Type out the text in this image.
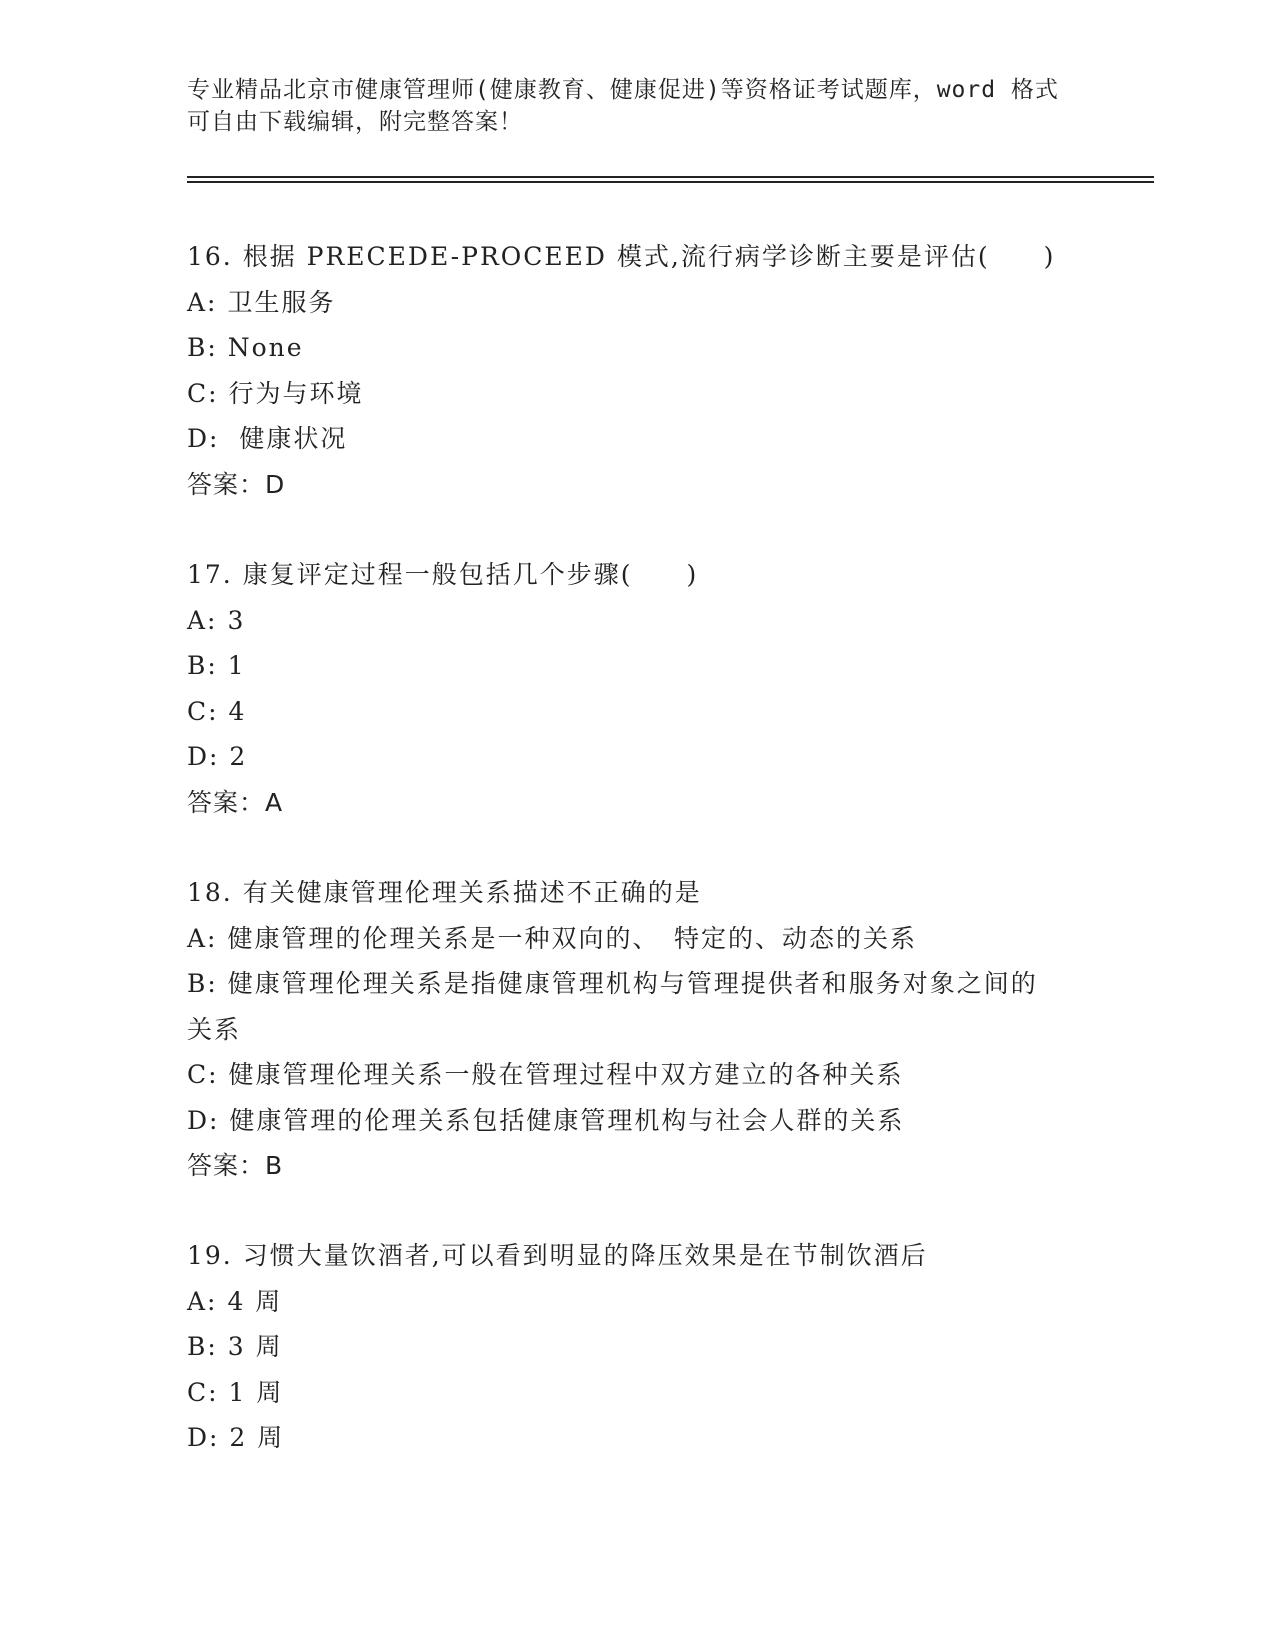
专业精品北京市健康管理师(健康教育、健康促进)等资格证考试题库，word 格式可自由下载编辑，附完整答案！
16. 根据 PRECEDE-PROCEED 模式,流行病学诊断主要是评估(　　)
A: 卫生服务
B: None
C: 行为与环境
D:  健康状况
答案：D
17. 康复评定过程一般包括几个步骤(　　)
A: 3
B: 1
C: 4
D: 2
答案：A
18. 有关健康管理伦理关系描述不正确的是
A: 健康管理的伦理关系是一种双向的、　特定的、动态的关系
B: 健康管理伦理关系是指健康管理机构与管理提供者和服务对象之间的关系
C: 健康管理伦理关系一般在管理过程中双方建立的各种关系
D: 健康管理的伦理关系包括健康管理机构与社会人群的关系
答案：B
19. 习惯大量饮酒者,可以看到明显的降压效果是在节制饮酒后
A: 4 周
B: 3 周
C: 1 周
D: 2 周
